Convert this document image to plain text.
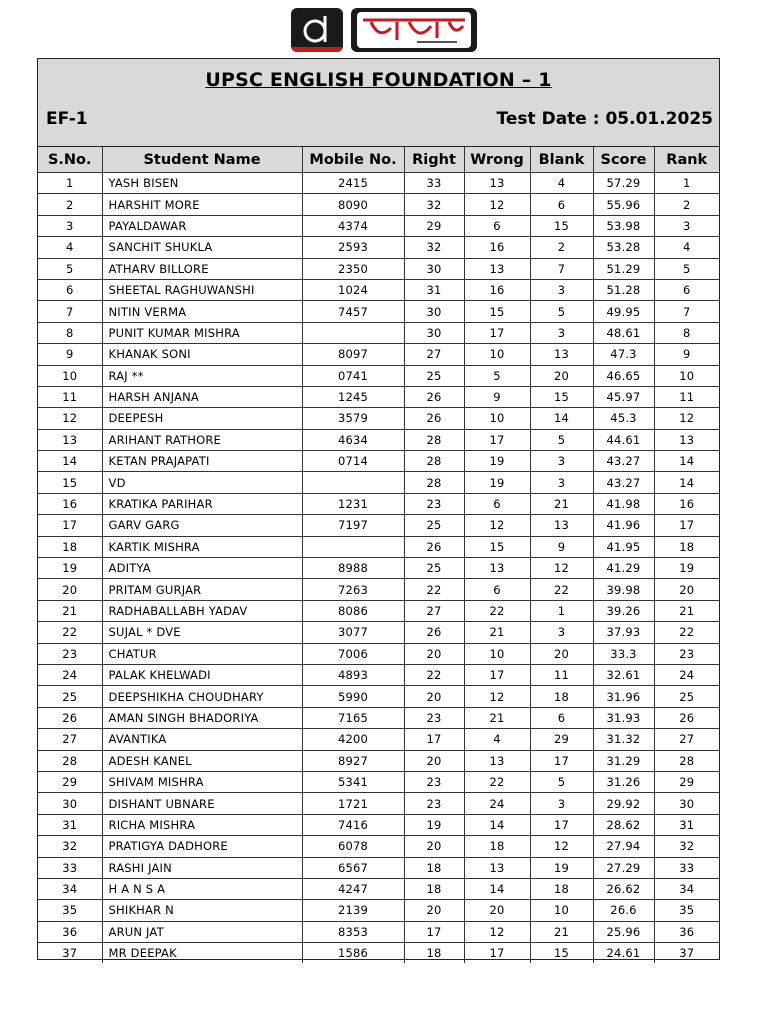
UPSC ENGLISH FOUNDATION – 1
EF-1	Test Date : 05.01.2025
S.No.	Student Name	Mobile No.	Right	Wrong	Blank	Score	Rank
1	YASH BISEN	2415	33	13	4	57.29	1
2	HARSHIT MORE	8090	32	12	6	55.96	2
3	PAYALDAWAR	4374	29	6	15	53.98	3
4	SANCHIT SHUKLA	2593	32	16	2	53.28	4
5	ATHARV BILLORE	2350	30	13	7	51.29	5
6	SHEETAL RAGHUWANSHI	1024	31	16	3	51.28	6
7	NITIN VERMA	7457	30	15	5	49.95	7
8	PUNIT KUMAR MISHRA		30	17	3	48.61	8
9	KHANAK SONI	8097	27	10	13	47.3	9
10	RAJ **	0741	25	5	20	46.65	10
11	HARSH ANJANA	1245	26	9	15	45.97	11
12	DEEPESH	3579	26	10	14	45.3	12
13	ARIHANT RATHORE	4634	28	17	5	44.61	13
14	KETAN PRAJAPATI	0714	28	19	3	43.27	14
15	VD		28	19	3	43.27	14
16	KRATIKA PARIHAR	1231	23	6	21	41.98	16
17	GARV GARG	7197	25	12	13	41.96	17
18	KARTIK MISHRA		26	15	9	41.95	18
19	ADITYA	8988	25	13	12	41.29	19
20	PRITAM GURJAR	7263	22	6	22	39.98	20
21	RADHABALLABH YADAV	8086	27	22	1	39.26	21
22	SUJAL * DVE	3077	26	21	3	37.93	22
23	CHATUR	7006	20	10	20	33.3	23
24	PALAK KHELWADI	4893	22	17	11	32.61	24
25	DEEPSHIKHA CHOUDHARY	5990	20	12	18	31.96	25
26	AMAN SINGH BHADORIYA	7165	23	21	6	31.93	26
27	AVANTIKA	4200	17	4	29	31.32	27
28	ADESH KANEL	8927	20	13	17	31.29	28
29	SHIVAM MISHRA	5341	23	22	5	31.26	29
30	DISHANT UBNARE	1721	23	24	3	29.92	30
31	RICHA MISHRA	7416	19	14	17	28.62	31
32	PRATIGYA DADHORE	6078	20	18	12	27.94	32
33	RASHI JAIN	6567	18	13	19	27.29	33
34	H A N S A	4247	18	14	18	26.62	34
35	SHIKHAR N	2139	20	20	10	26.6	35
36	ARUN JAT	8353	17	12	21	25.96	36
37	MR DEEPAK	1586	18	17	15	24.61	37
